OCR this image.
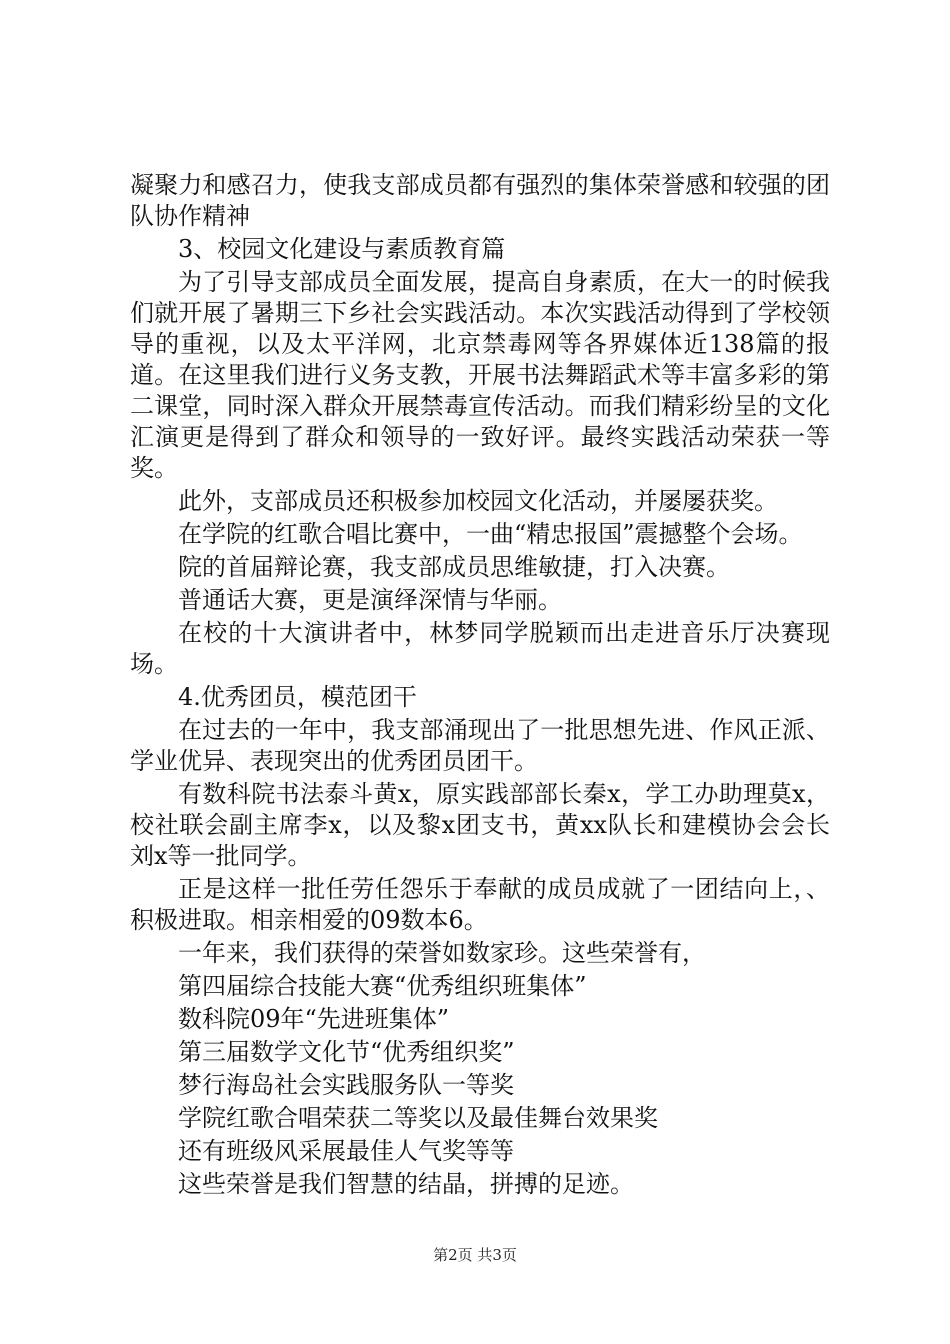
凝聚力和感召力，使我支部成员都有强烈的集体荣誉感和较强的团队协作精神

3、校园文化建设与素质教育篇

为了引导支部成员全面发展，提高自身素质，在大一的时候我们就开展了暑期三下乡社会实践活动。本次实践活动得到了学校领导的重视，以及太平洋网，北京禁毒网等各界媒体近138篇的报道。在这里我们进行义务支教，开展书法舞蹈武术等丰富多彩的第二课堂，同时深入群众开展禁毒宣传活动。而我们精彩纷呈的文化汇演更是得到了群众和领导的一致好评。最终实践活动荣获一等奖。

此外，支部成员还积极参加校园文化活动，并屡屡获奖。

在学院的红歌合唱比赛中，一曲“精忠报国”震撼整个会场。

院的首届辩论赛，我支部成员思维敏捷，打入决赛。

普通话大赛，更是演绎深情与华丽。

在校的十大演讲者中，林梦同学脱颖而出走进音乐厅决赛现场。

4.优秀团员，模范团干

在过去的一年中，我支部涌现出了一批思想先进、作风正派、学业优异、表现突出的优秀团员团干。

有数科院书法泰斗黄x，原实践部部长秦x，学工办助理莫x，校社联会副主席李x，以及黎x团支书，黄xx队长和建模协会会长刘x等一批同学。

正是这样一批任劳任怨乐于奉献的成员成就了一团结向上，、积极进取。相亲相爱的09数本6。

一年来，我们获得的荣誉如数家珍。这些荣誉有，

第四届综合技能大赛“优秀组织班集体”

数科院09年“先进班集体”

第三届数学文化节“优秀组织奖”

梦行海岛社会实践服务队一等奖

学院红歌合唱荣获二等奖以及最佳舞台效果奖

还有班级风采展最佳人气奖等等

这些荣誉是我们智慧的结晶，拼搏的足迹。

第2页 共3页
